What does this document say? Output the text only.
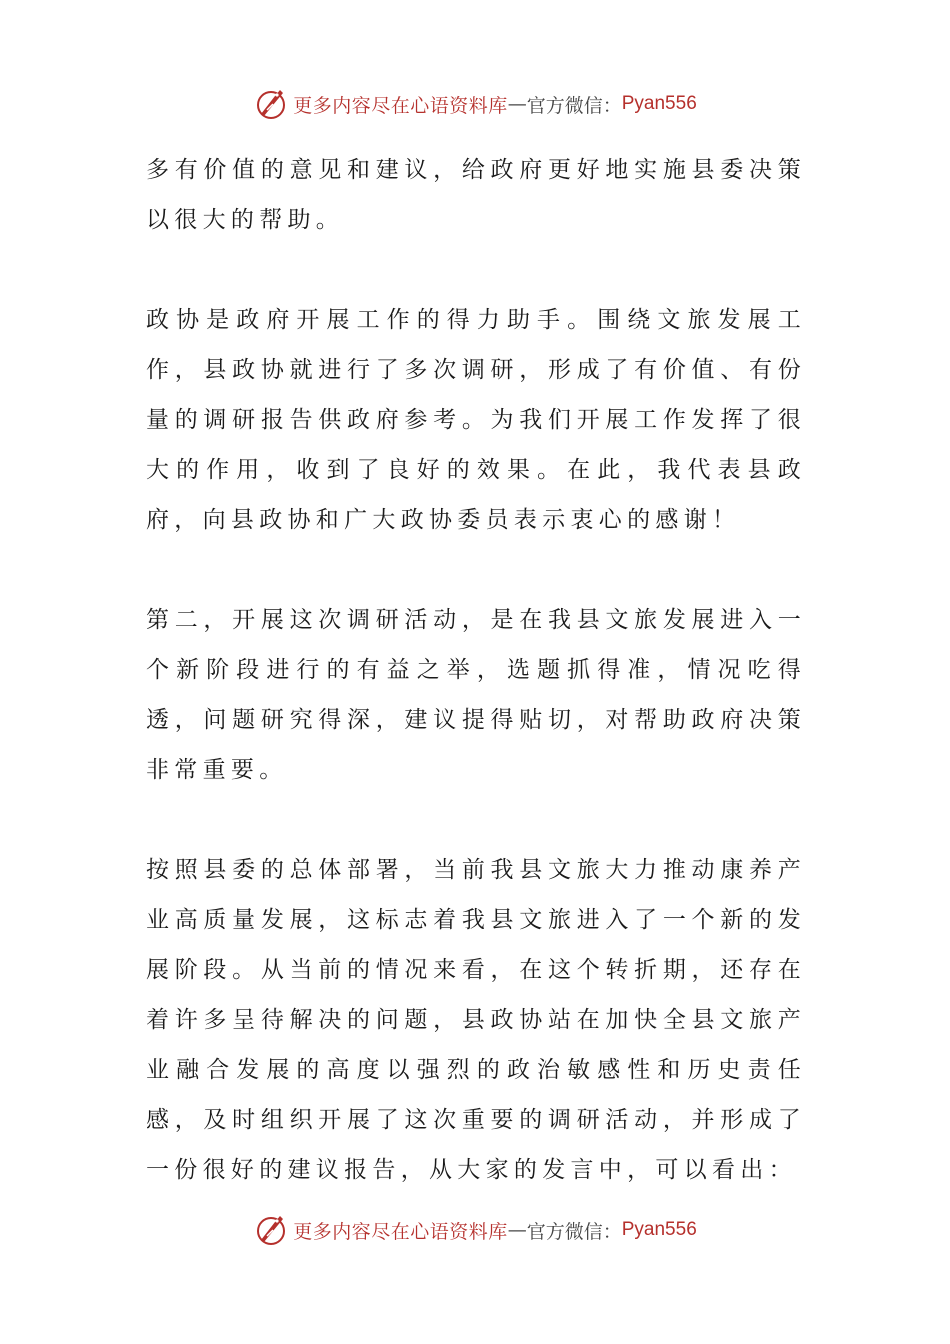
更多内容尽在心语资料库 — 官方微信： Pyan556

多有价值的意见和建议，给政府更好地实施县委决策以很大的帮助。

政协是政府开展工作的得力助手。围绕文旅发展工作，县政协就进行了多次调研，形成了有价值、有份量的调研报告供政府参考。为我们开展工作发挥了很大的作用，收到了良好的效果。在此，我代表县政府，向县政协和广大政协委员表示衷心的感谢！

第二，开展这次调研活动，是在我县文旅发展进入一个新阶段进行的有益之举，选题抓得准，情况吃得透，问题研究得深，建议提得贴切，对帮助政府决策非常重要。

按照县委的总体部署，当前我县文旅大力推动康养产业高质量发展，这标志着我县文旅进入了一个新的发展阶段。从当前的情况来看，在这个转折期，还存在着许多呈待解决的问题，县政协站在加快全县文旅产业融合发展的高度以强烈的政治敏感性和历史责任感，及时组织开展了这次重要的调研活动，并形成了一份很好的建议报告，从大家的发言中，可以看出：

更多内容尽在心语资料库 — 官方微信： Pyan556
